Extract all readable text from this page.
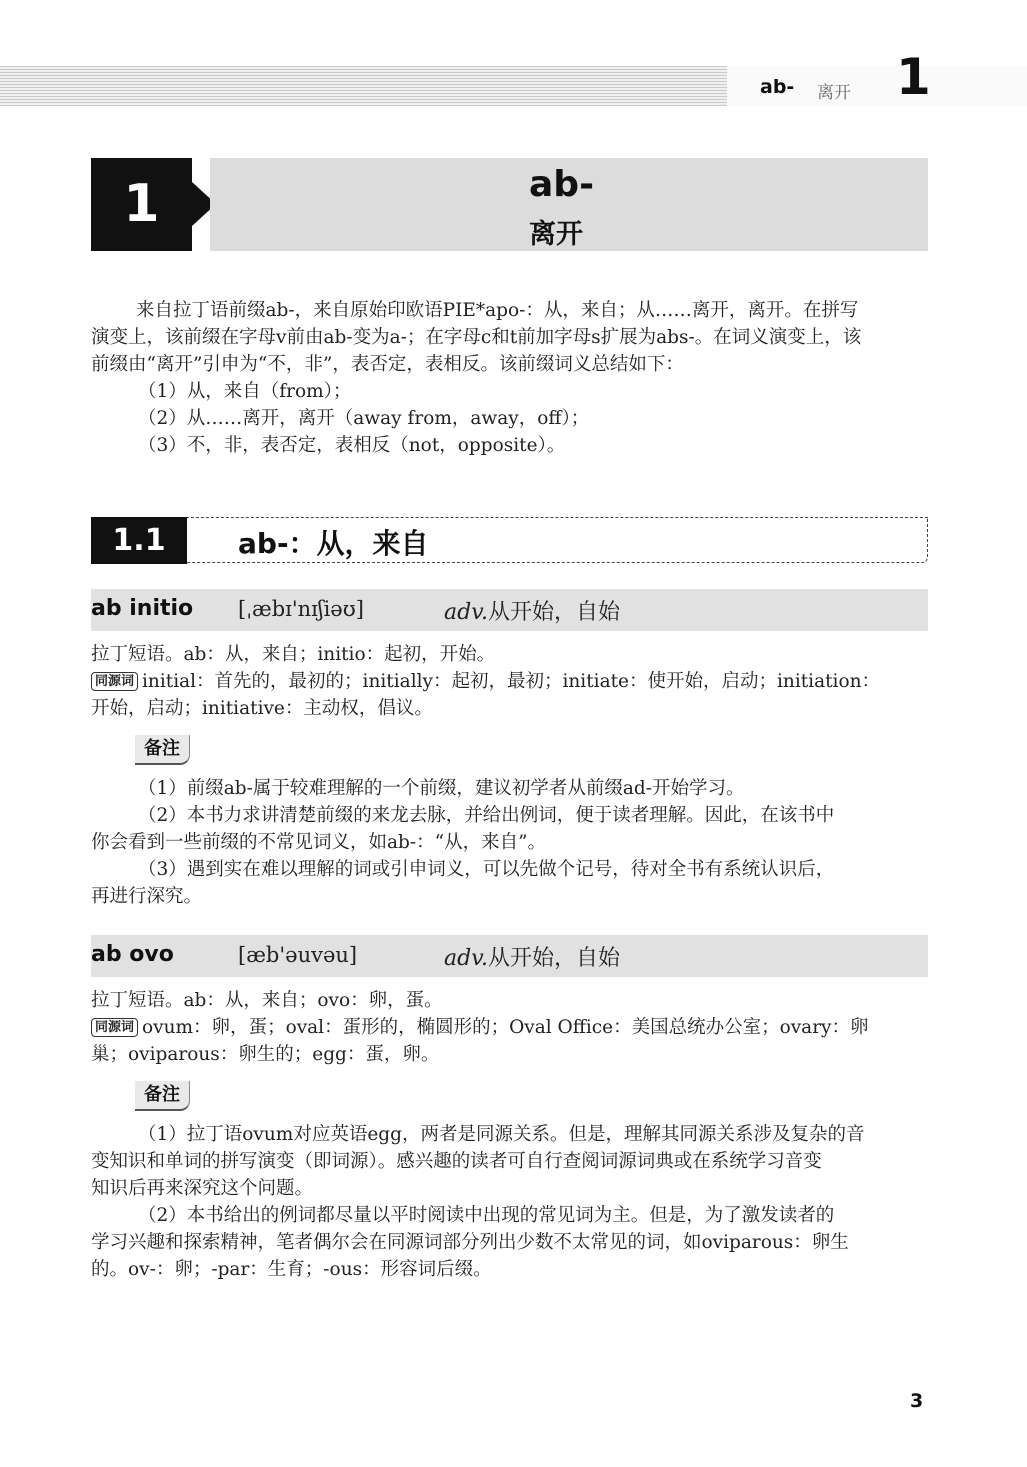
ab- 离开 1
1	ab-
离开

来自拉丁语前缀ab-，来自原始印欧语PIE*apo-：从，来自；从……离开，离开。在拼写

演变上，该前缀在字母v前由ab-变为a-；在字母c和t前加字母s扩展为abs-。在词义演变上，该

前缀由“离开”引申为“不，非”，表否定，表相反。该前缀词义总结如下：

（1）从，来自（from）；

（2）从……离开，离开（away from，away，off）；

（3）不，非，表否定，表相反（not，opposite）。

1.1	ab-：从，来自
ab initio [ˌæbɪ'nɪʃiəʊ]	adv.从开始，自始

拉丁短语。ab：从，来自；initio：起初，开始。

同源词 initial：首先的，最初的；initially：起初，最初；initiate：使开始，启动；initiation：

开始，启动；initiative：主动权，倡议。

备注

（1）前缀ab-属于较难理解的一个前缀，建议初学者从前缀ad-开始学习。

（2）本书力求讲清楚前缀的来龙去脉，并给出例词，便于读者理解。因此，在该书中

你会看到一些前缀的不常见词义，如ab-：“从，来自”。

（3）遇到实在难以理解的词或引申词义，可以先做个记号，待对全书有系统认识后，

再进行深究。

ab ovo	[æb'əuvəu]	adv.从开始，自始

拉丁短语。ab：从，来自；ovo：卵，蛋。

同源词 ovum：卵，蛋；oval：蛋形的，椭圆形的；Oval Office：美国总统办公室；ovary：卵

巢；oviparous：卵生的；egg：蛋，卵。

备注

（1）拉丁语ovum对应英语egg，两者是同源关系。但是，理解其同源关系涉及复杂的音

变知识和单词的拼写演变（即词源）。感兴趣的读者可自行查阅词源词典或在系统学习音变

知识后再来深究这个问题。

（2）本书给出的例词都尽量以平时阅读中出现的常见词为主。但是，为了激发读者的

学习兴趣和探索精神，笔者偶尔会在同源词部分列出少数不太常见的词，如oviparous：卵生

的。ov-：卵；-par：生育；-ous：形容词后缀。

3
